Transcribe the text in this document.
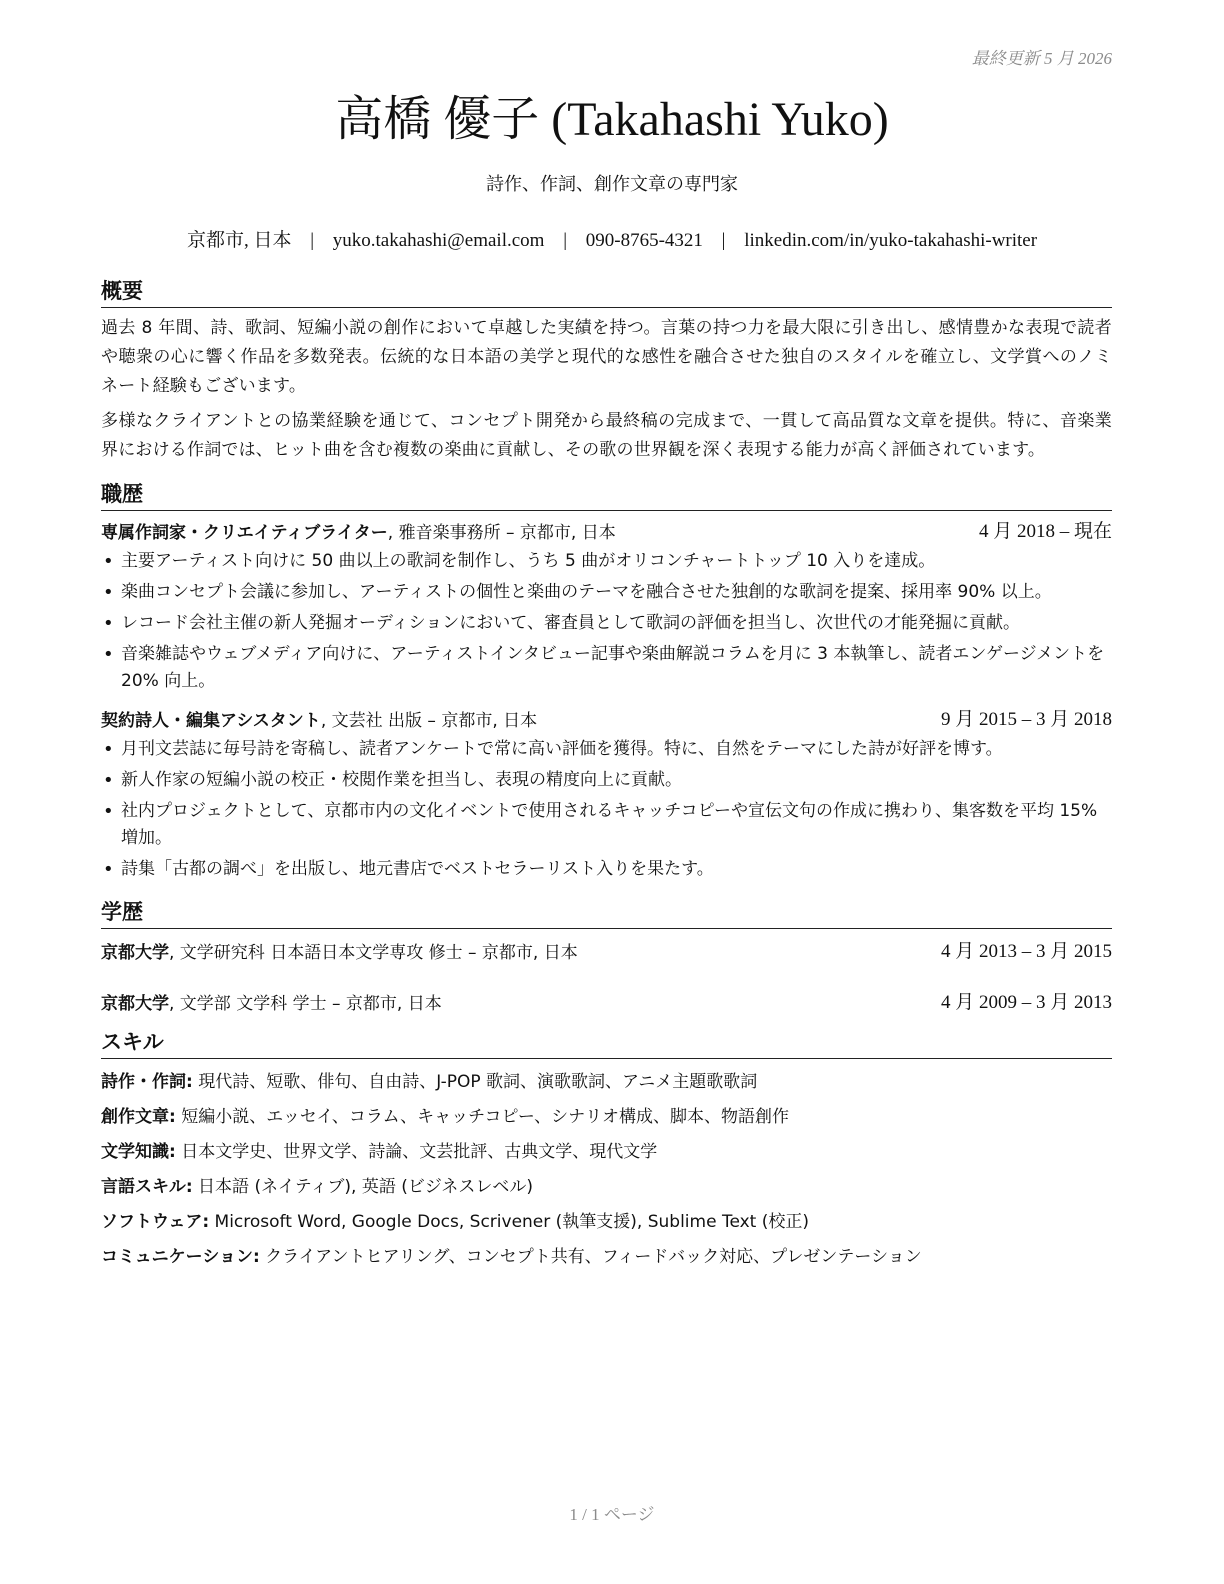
最終更新 5 月 2026
高橋 優子 (Takahashi Yuko)
詩作、作詞、創作文章の専門家
京都市, 日本 | yuko.takahashi@email.com | 090-8765-4321 | linkedin.com/in/yuko-takahashi-writer
概要

過去 8 年間、詩、歌詞、短編小説の創作において卓越した実績を持つ。言葉の持つ力を最大限に引き出し、感情豊かな表現で読者や聴衆の心に響く作品を多数発表。伝統的な日本語の美学と現代的な感性を融合させた独自のスタイルを確立し、文学賞へのノミネート経験もございます。

多様なクライアントとの協業経験を通じて、コンセプト開発から最終稿の完成まで、一貫して高品質な文章を提供。特に、音楽業界における作詞では、ヒット曲を含む複数の楽曲に貢献し、その歌の世界観を深く表現する能力が高く評価されています。

職歴
専属作詞家・クリエイティブライター, 雅音楽事務所 – 京都市, 日本	4 月 2018 – 現在
• 主要アーティスト向けに 50 曲以上の歌詞を制作し、うち 5 曲がオリコンチャートトップ 10 入りを達成。
• 楽曲コンセプト会議に参加し、アーティストの個性と楽曲のテーマを融合させた独創的な歌詞を提案、採用率 90% 以上。
• レコード会社主催の新人発掘オーディションにおいて、審査員として歌詞の評価を担当し、次世代の才能発掘に貢献。
• 音楽雑誌やウェブメディア向けに、アーティストインタビュー記事や楽曲解説コラムを月に 3 本執筆し、読者エンゲージメントを 20% 向上。
契約詩人・編集アシスタント, 文芸社 出版 – 京都市, 日本	9 月 2015 – 3 月 2018
• 月刊文芸誌に毎号詩を寄稿し、読者アンケートで常に高い評価を獲得。特に、自然をテーマにした詩が好評を博す。
• 新人作家の短編小説の校正・校閲作業を担当し、表現の精度向上に貢献。
• 社内プロジェクトとして、京都市内の文化イベントで使用されるキャッチコピーや宣伝文句の作成に携わり、集客数を平均 15% 増加。
• 詩集「古都の調べ」を出版し、地元書店でベストセラーリスト入りを果たす。
学歴
京都大学, 文学研究科 日本語日本文学専攻 修士 – 京都市, 日本	4 月 2013 – 3 月 2015
京都大学, 文学部 文学科 学士 – 京都市, 日本	4 月 2009 – 3 月 2013
スキル
詩作・作詞: 現代詩、短歌、俳句、自由詩、J-POP 歌詞、演歌歌詞、アニメ主題歌歌詞
創作文章: 短編小説、エッセイ、コラム、キャッチコピー、シナリオ構成、脚本、物語創作
文学知識: 日本文学史、世界文学、詩論、文芸批評、古典文学、現代文学
言語スキル: 日本語 (ネイティブ), 英語 (ビジネスレベル)
ソフトウェア: Microsoft Word, Google Docs, Scrivener (執筆支援), Sublime Text (校正)
コミュニケーション: クライアントヒアリング、コンセプト共有、フィードバック対応、プレゼンテーション
1 / 1 ページ
